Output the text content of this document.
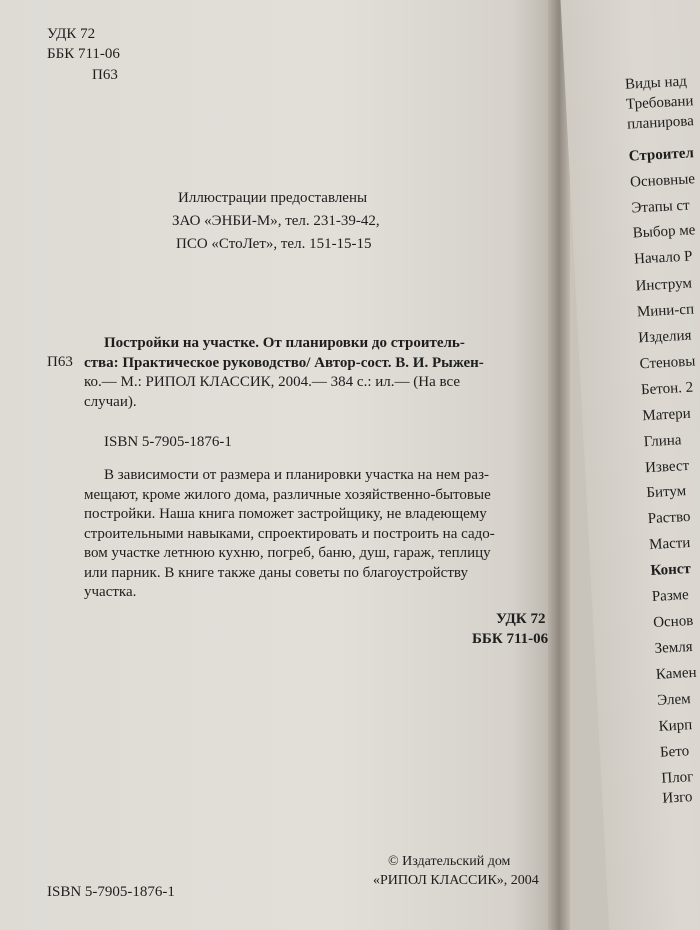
УДК 72
ББК 711-06
П63
Иллюстрации предоставлены
ЗАО «ЭНБИ-М», тел. 231-39-42,
ПСО «СтоЛет», тел. 151-15-15
П63
Постройки на участке. От планировки до строитель-
ства: Практическое руководство/ Автор-сост. В. И. Рыжен-
ко.— М.: РИПОЛ КЛАССИК, 2004.— 384 с.: ил.— (На все
случаи).
ISBN 5-7905-1876-1
В зависимости от размера и планировки участка на нем раз-
мещают, кроме жилого дома, различные хозяйственно-бытовые
постройки. Наша книга поможет застройщику, не владеющему
строительными навыками, спроектировать и построить на садо-
вом участке летнюю кухню, погреб, баню, душ, гараж, теплицу
или парник. В книге также даны советы по благоустройству
участка.
УДК 72
ББК 711-06
© Издательский дом
«РИПОЛ КЛАССИК», 2004
ISBN 5-7905-1876-1
Виды над
Требовани
планирова
Строител
Основные
Этапы ст
Выбор ме
Начало Р
Инструм
Мини-сп
Изделия
Стеновы
Бетон. 2
Матери
Глина
Извест
Битум
Раство
Масти
Конст
Разме
Основ
Земля
Камен
Элем
Кирп
Бето
Плог
Изго
